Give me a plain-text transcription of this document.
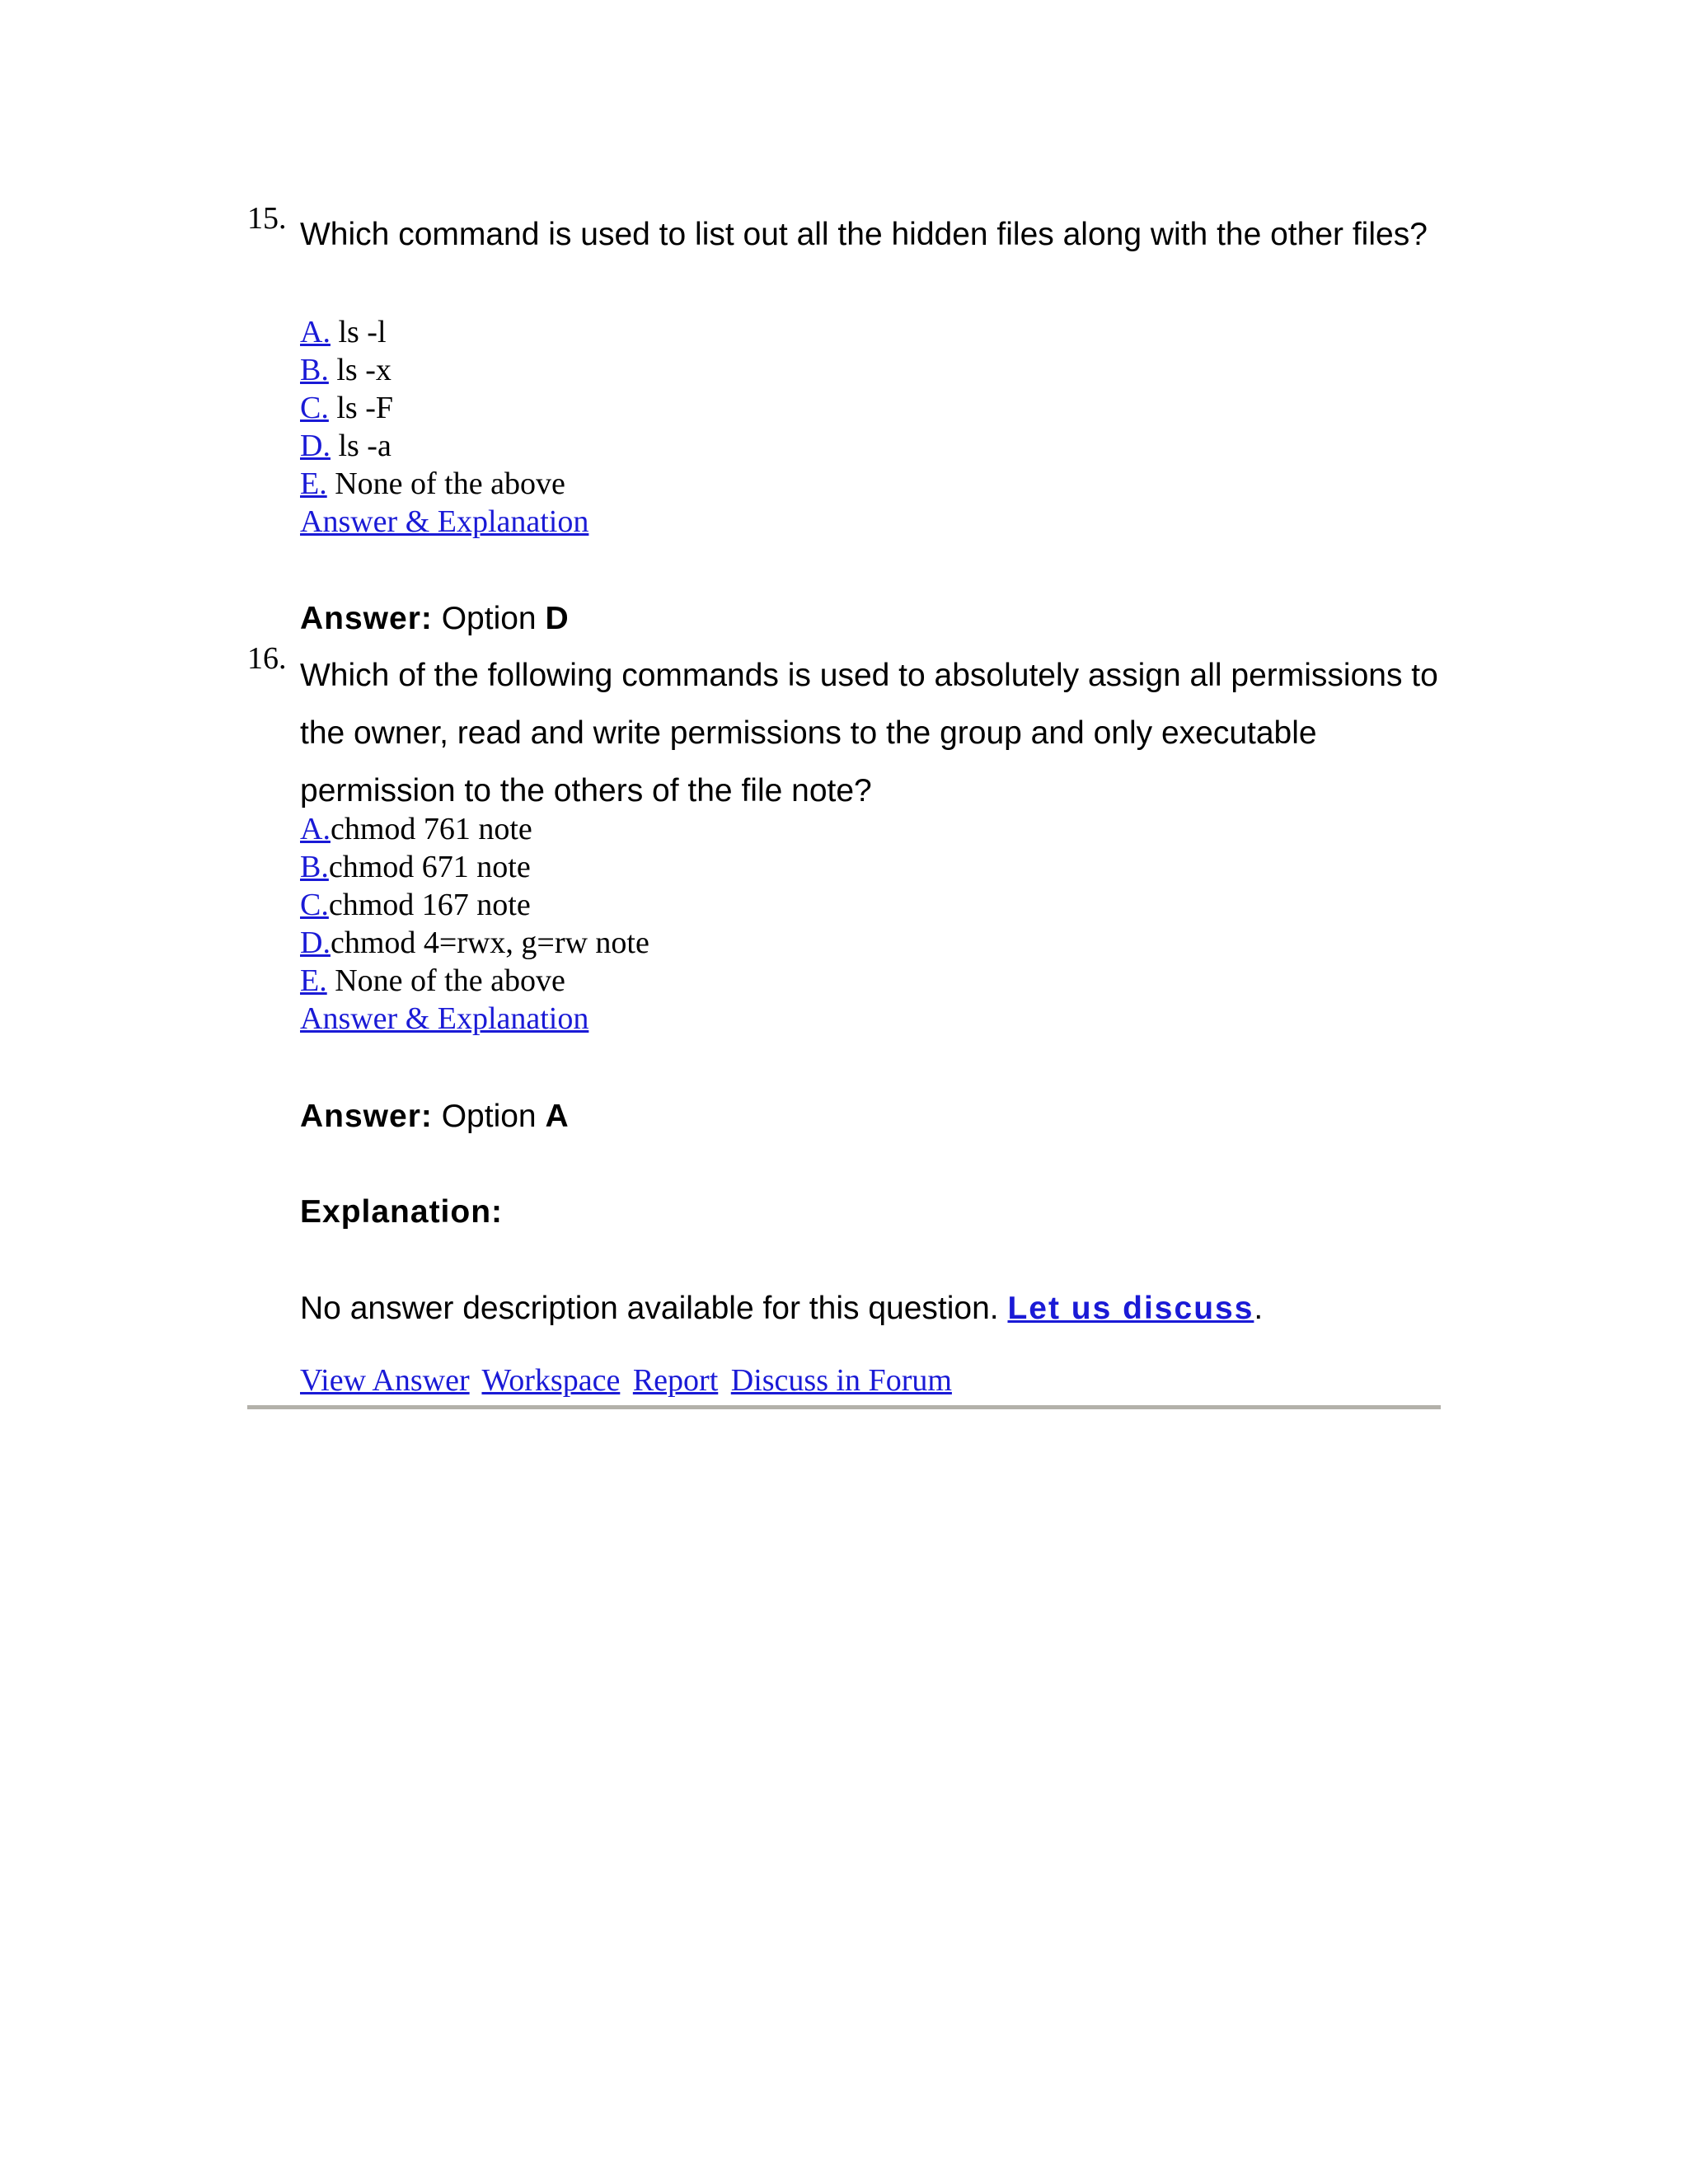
15. Which command is used to list out all the hidden files along with the other files?

A. ls -l
B. ls -x
C. ls -F
D. ls -a
E. None of the above
Answer & Explanation
Answer: Option D
16. Which of the following commands is used to absolutely assign all permissions to the owner, read and write permissions to the group and only executable permission to the others of the file note?

A.chmod 761 note
B.chmod 671 note
C.chmod 167 note
D.chmod 4=rwx, g=rw note
E. None of the above
Answer & Explanation
Answer: Option A
Explanation:
No answer description available for this question. Let us discuss.
View Answer Workspace Report Discuss in Forum
